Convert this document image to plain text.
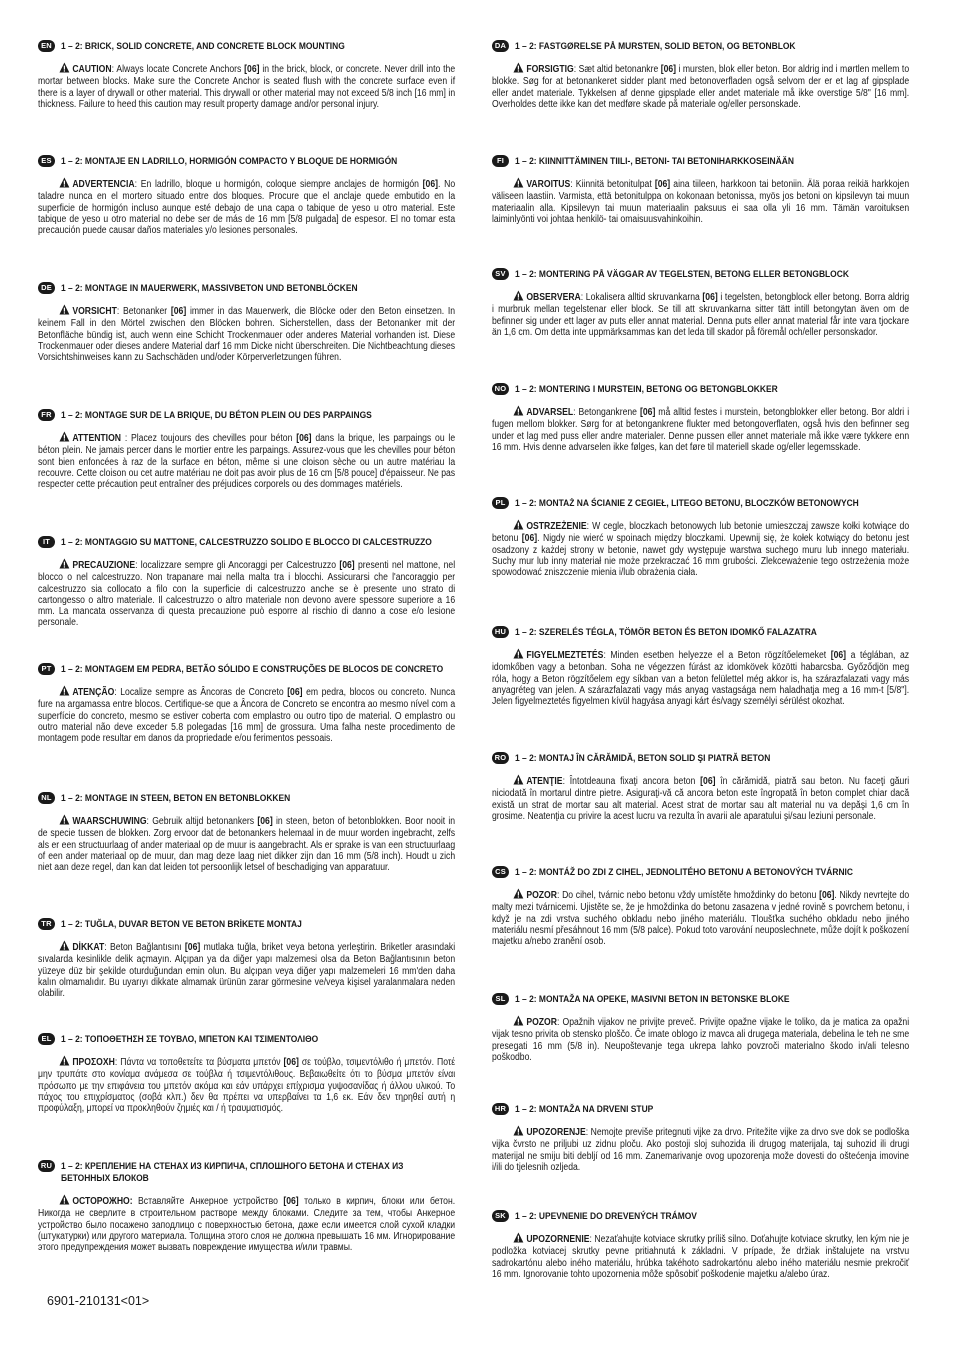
EN 1 – 2: BRICK, SOLID CONCRETE, AND CONCRETE BLOCK MOUNTING
CAUTION: Always locate Concrete Anchors [06] in the brick, block, or concrete. Never drill into the mortar between blocks. Make sure the Concrete Anchor is seated flush with the concrete surface even if there is a layer of drywall or other material. This drywall or other material may not exceed 5/8 inch [16 mm] in thickness. Failure to heed this caution may result property damage and/or personal injury.
ES 1 – 2: MONTAJE EN LADRILLO, HORMIGÓN COMPACTO Y BLOQUE DE HORMIGÓN
ADVERTENCIA: En ladrillo, bloque u hormigón, coloque siempre anclajes de hormigón [06]. No taladre nunca en el mortero situado entre dos bloques. Procure que el anclaje quede embutido en la superficie de hormigón incluso aunque esté debajo de una capa o tabique de yeso u otro material. Este tabique de yeso u otro material no debe ser de más de 16 mm [5/8 pulgada] de espesor. El no tomar esta precaución puede causar daños materiales y/o lesiones personales.
DE 1 – 2: MONTAGE IN MAUERWERK, MASSIVBETON UND BETONBLÖCKEN
VORSICHT: Betonanker [06] immer in das Mauerwerk, die Blöcke oder den Beton einsetzen. In keinem Fall in den Mörtel zwischen den Blöcken bohren. Sicherstellen, dass der Betonanker mit der Betonfläche bündig ist, auch wenn eine Schicht Trockenmauer oder anderes Material vorhanden ist. Diese Trockenmauer oder dieses andere Material darf 16 mm Dicke nicht überschreiten. Die Nichtbeachtung dieses Vorsichtshinweises kann zu Sachschäden und/oder Körperverletzungen führen.
FR 1 – 2: MONTAGE SUR DE LA BRIQUE, DU BÉTON PLEIN OU DES PARPAINGS
ATTENTION : Placez toujours des chevilles pour béton [06] dans la brique, les parpaings ou le béton plein. Ne jamais percer dans le mortier entre les parpaings. Assurez-vous que les chevilles pour béton sont bien enfoncées à raz de la surface en béton, même si une cloison sèche ou un autre matériau la recouvre. Cette cloison ou cet autre matériau ne doit pas avoir plus de 16 cm [5/8 pouce] d'épaisseur. Ne pas respecter cette précaution peut entraîner des préjudices corporels ou des dommages matériels.
IT	1 – 2: MONTAGGIO SU MATTONE, CALCESTRUZZO SOLIDO E BLOCCO DI CALCESTRUZZO
PRECAUZIONE: localizzare sempre gli Ancoraggi per Calcestruzzo [06] presenti nel mattone, nel blocco o nel calcestruzzo. Non trapanare mai nella malta tra i blocchi. Assicurarsi che l'ancoraggio per calcestruzzo sia collocato a filo con la superficie di calcestruzzo anche se è presente uno strato di cartongesso o altro materiale. Il calcestruzzo o altro materiale non devono avere spessore superiore a 16 mm. La mancata osservanza di questa precauzione può esporre al rischio di danno a cose e/o lesione personale.
PT	1 – 2: MONTAGEM EM PEDRA, BETÃO SÓLIDO E CONSTRUÇÕES DE BLOCOS DE CONCRETO
ATENÇÃO: Localize sempre as Âncoras de Concreto [06] em pedra, blocos ou concreto. Nunca fure na argamassa entre blocos. Certifique-se que a Âncora de Concreto se encontra ao mesmo nível com a superfície do concreto, mesmo se estiver coberta com emplastro ou outro tipo de material. O emplastro ou outro material não deve exceder 5.8 polegadas [16 mm] de grossura. Uma falha neste procedimento de montagem pode resultar em danos da propriedade e/ou ferimentos pessoais.
NL 1 – 2: MONTAGE IN STEEN, BETON EN BETONBLOKKEN
WAARSCHUWING: Gebruik altijd betonankers [06] in steen, beton of betonblokken. Boor nooit in de specie tussen de blokken. Zorg ervoor dat de betonankers helemaal in de muur worden ingebracht, zelfs als er een structuurlaag of ander materiaal op de muur is aangebracht. Als er sprake is van een structuurlaag of een ander materiaal op de muur, dan mag deze laag niet dikker zijn dan 16 mm (5/8 inch). Houdt u zich niet aan deze regel, dan kan dat leiden tot persoonlijk letsel of beschadiging van apparatuur.
TR 1 – 2: TUĞLA, DUVAR BETON VE BETON BRİKETE MONTAJ
DİKKAT: Beton Bağlantısını [06] mutlaka tuğla, briket veya betona yerleştirin. Briketler arasındaki sıvalarda kesinlikle delik açmayın. Alçıpan ya da diğer yapı malzemesi olsa da Beton Bağlantısının beton yüzeye düz bir şekilde oturduğundan emin olun. Bu alçıpan veya diğer yapı malzemeleri 16 mm'den daha kalın olmamalıdır. Bu uyarıyı dikkate almamak ürünün zarar görmesine ve/veya kişisel yaralanmalara neden olabilir.
EL	1 – 2: ΤΟΠΟΘΕΤΗΣΗ ΣΕ ΤΟΥΒΛΟ, ΜΠΕΤΟΝ ΚΑΙ ΤΣΙΜΕΝΤΟΛΙΘΟ
ΠΡΟΣΟΧΗ: Πάντα να τοποθετείτε τα βύσματα μπετόν [06] σε τούβλο, τσιμεντόλιθο ή μπετόν. Ποτέ μην τρυπάτε στο κονίαμα ανάμεσα σε τούβλα ή τσιμεντόλιθους. Βεβαιωθείτε ότι το βύσμα μπετόν είναι πρόσωπο με την επιφάνεια του μπετόν ακόμα και εάν υπάρχει επίχρισμα γυψοσανίδας ή άλλου υλικού. Το πάχος του επιχρίσματος (σοβά κλπ.) δεν θα πρέπει να υπερβαίνει τα 1,6 εκ. Εάν δεν τηρηθεί αυτή η προφύλαξη, μπορεί να προκληθούν ζημιές και / ή τραυματισμός.
RU 1 – 2: КРЕПЛЕНИЕ НА СТЕНАХ ИЗ КИРПИЧА, СПЛОШНОГО БЕТОНА И СТЕНАХ ИЗ БЕТОННЫХ БЛОКОВ
ОСТОРОЖНО: Вставляйте Анкерное устройство [06] только в кирпич, блоки или бетон. Никогда не сверлите в строительном растворе между блоками. Следите за тем, чтобы Анкерное устройство было посажено заподлицо с поверхностью бетона, даже если имеется слой сухой кладки (штукатурки) или другого материала. Толщина этого слоя не должна превышать 16 мм. Игнорирование этого предупреждения может вызвать повреждение имущества и/или травмы.
DA 1 – 2: FASTGØRELSE PÅ MURSTEN, SOLID BETON, OG BETONBLOK
FORSIGTIG: Sæt altid betonankre [06] i mursten, blok eller beton. Bor aldrig ind i mørtlen mellem to blokke. Søg for at betonankeret sidder plant med betonoverfladen også selvom der er et lag af gipsplade eller andet materiale. Tykkelsen af denne gipsplade eller andet materiale må ikke overstige 5/8" [16 mm]. Overholdes dette ikke kan det medføre skade på materiale og/eller personskade.
FI	1 – 2: KIINNITTÄMINEN TIILI-, BETONI- TAI BETONIHARKKOSEINÄÄN
VAROITUS: Kiinnitä betonitulpat [06] aina tiileen, harkkoon tai betoniin. Älä poraa reikiä harkkojen väliseen laastiin. Varmista, että betonitulppa on kokonaan betonissa, myös jos betoni on kipsilevyn tai muun materiaalin alla. Kipsilevyn tai muun materiaalin paksuus ei saa olla yli 16 mm. Tämän varoituksen laiminlyönti voi johtaa henkilö- tai omaisuusvahinkoihin.
SV 1 – 2: MONTERING PÅ VÄGGAR AV TEGELSTEN, BETONG ELLER BETONGBLOCK
OBSERVERA: Lokalisera alltid skruvankarna [06] i tegelsten, betongblock eller betong. Borra aldrig i murbruk mellan tegelstenar eller block. Se till att skruvankarna sitter tätt intill betongytan även om de befinner sig under ett lager av puts eller annat material. Denna puts eller annat material får inte vara tjockare än 1,6 cm. Om detta inte uppmärksammas kan det leda till skador på föremål och/eller personskador.
NO 1 – 2: MONTERING I MURSTEIN, BETONG OG BETONGBLOKKER
ADVARSEL: Betongankrene [06] må alltid festes i murstein, betongblokker eller betong. Bor aldri i fugen mellom blokker. Sørg for at betongankrene flukter med betongoverflaten, også hvis den befinner seg under et lag med puss eller andre materialer. Denne pussen eller annet materiale må ikke være tykkere enn 16 mm. Hvis denne advarselen ikke følges, kan det føre til materiell skade og/eller legemsskade.
PL	1 – 2: MONTAŻ NA ŚCIANIE Z CEGIEŁ, LITEGO BETONU, BLOCZKÓW BETONOWYCH
OSTRZEŻENIE: W cegle, bloczkach betonowych lub betonie umieszczaj zawsze kołki kotwiące do betonu [06]. Nigdy nie wierć w spoinach między bloczkami. Upewnij się, że kołek kotwiący do betonu jest osadzony z każdej strony w betonie, nawet gdy występuje warstwa suchego muru lub innego materiału. Suchy mur lub inny materiał nie może przekraczać 16 mm grubości. Zlekceważenie tego ostrzeżenia może spowodować zniszczenie mienia i/lub obrażenia ciała.
HU 1 – 2: SZERELÉS TÉGLA, TÖMÖR BETON ÉS BETON IDOMKŐ FALAZATRA
FIGYELMEZTETÉS: Minden esetben helyezze el a Beton rögzítőelemeket [06] a téglában, az idomkőben vagy a betonban. Soha ne végezzen fúrást az idomkövek közötti habarcsba. Győződjön meg róla, hogy a Beton rögzítőelem egy síkban van a beton felülettel még akkor is, ha szárazfalazati vagy más anyagréteg van jelen. A szárazfalazati vagy más anyag vastagsága nem haladhatja meg a 16 mm-t [5/8"]. Jelen figyelmeztetés figyelmen kívül hagyása anyagi kárt és/vagy személyi sérülést okozhat.
RO 1 – 2: MONTAJ ÎN CĂRĂMIDĂ, BETON SOLID ŞI PIATRĂ BETON
ATENŢIE: Întotdeauna fixaţi ancora beton [06] în cărămidă, piatră sau beton. Nu faceţi găuri niciodată în mortarul dintre pietre. Asiguraţi-vă că ancora beton este îngropată în beton complet chiar dacă există un strat de mortar sau alt material. Acest strat de mortar sau alt material nu va depăşi 1,6 cm în grosime. Neatenţia cu privire la acest lucru va rezulta în avarii ale aparatului şi/sau leziuni personale.
CS 1 – 2: MONTÁŽ DO ZDI Z CIHEL, JEDNOLITÉHO BETONU A BETONOVÝCH TVÁRNIC
POZOR: Do cihel, tvárnic nebo betonu vždy umístěte hmoždinky do betonu [06]. Nikdy nevrtejte do malty mezi tvárnicemi. Ujistěte se, že je hmoždinka do betonu zasazena v jedné rovině s povrchem betonu, i když je na zdi vrstva suchého obkladu nebo jiného materiálu. Tloušťka suchého obkladu nebo jiného materiálu nesmí přesáhnout 16 mm (5/8 palce). Pokud toto varování neuposlechnete, může dojít k poškození majetku a/nebo zranění osob.
SL	1 – 2: MONTAŽA NA OPEKE, MASIVNI BETON IN BETONSKE BLOKE
POZOR: Opažnih vijakov ne privijte preveč. Privijte opažne vijake le toliko, da je matica za opažni vijak tesno privita ob stensko ploščo. Če imate oblogo iz mavca ali drugega materiala, debelina le teh ne sme presegati 16 mm (5/8 in). Neupoštevanje tega ukrepa lahko povzroči materialno škodo in/ali telesno poškodbo.
HR 1 – 2: MONTAŽA NA DRVENI STUP
UPOZORENJE: Nemojte previše pritegnuti vijke za drvo. Pritežite vijke za drvo sve dok se podloška vijka čvrsto ne priljubi uz zidnu ploču. Ako postoji sloj suhozida ili drugog materijala, taj suhozid ili drugi materijal ne smiju biti debljí od 16 mm. Zanemarivanje ovog upozorenja može dovesti do oštećenja imovine i/ili do tjelesnih ozljeda.
SK 1 – 2: UPEVNENIE DO DREVENÝCH TRÁMOV
UPOZORNENIE: Nezaťahujte kotviace skrutky príliš silno. Doťahujte kotviace skrutky, len kým nie je podložka kotviacej skrutky pevne pritiahnutá k základni. V prípade, že držiak inštalujete na vrstvu sadrokartónu alebo iného materiálu, hrúbka takéhoto sadrokartónu alebo iného materiálu nesmie prekročiť 16 mm. Ignorovanie tohto upozornenia môže spôsobiť poškodenie majetku a/alebo úraz.
6901-210131<01>
